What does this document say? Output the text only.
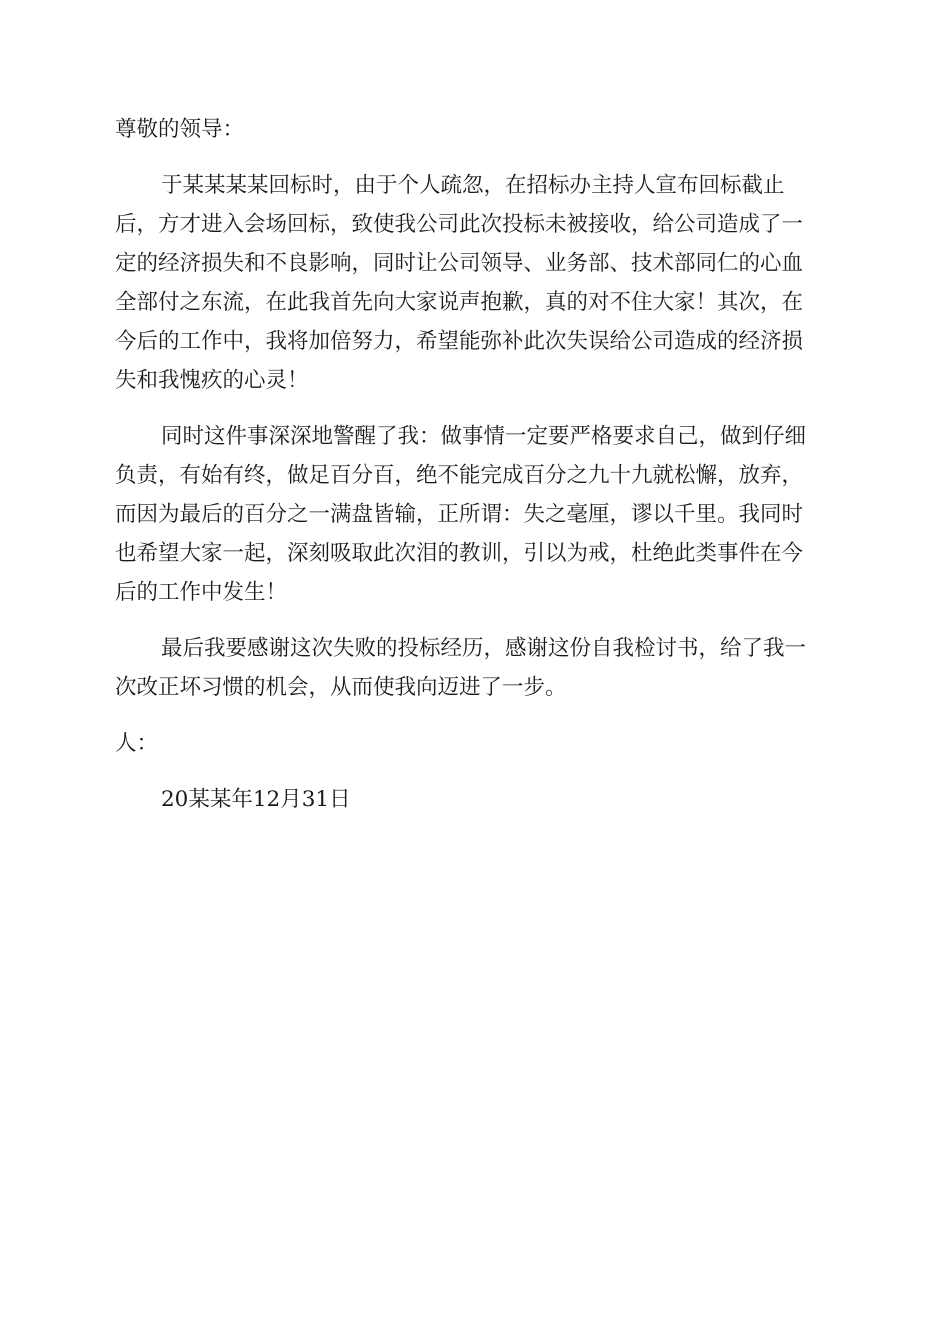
尊敬的领导：
于某某某某回标时，由于个人疏忽，在招标办主持人宣布回标截止
后，方才进入会场回标，致使我公司此次投标未被接收，给公司造成了一
定的经济损失和不良影响，同时让公司领导、业务部、技术部同仁的心血
全部付之东流，在此我首先向大家说声抱歉，真的对不住大家！其次，在
今后的工作中，我将加倍努力，希望能弥补此次失误给公司造成的经济损
失和我愧疚的心灵！
同时这件事深深地警醒了我：做事情一定要严格要求自己，做到仔细
负责，有始有终，做足百分百，绝不能完成百分之九十九就松懈，放弃，
而因为最后的百分之一满盘皆输，正所谓：失之毫厘，谬以千里。我同时
也希望大家一起，深刻吸取此次泪的教训，引以为戒，杜绝此类事件在今
后的工作中发生！
最后我要感谢这次失败的投标经历，感谢这份自我检讨书，给了我一
次改正坏习惯的机会，从而使我向迈进了一步。
人：
20某某年12月31日
